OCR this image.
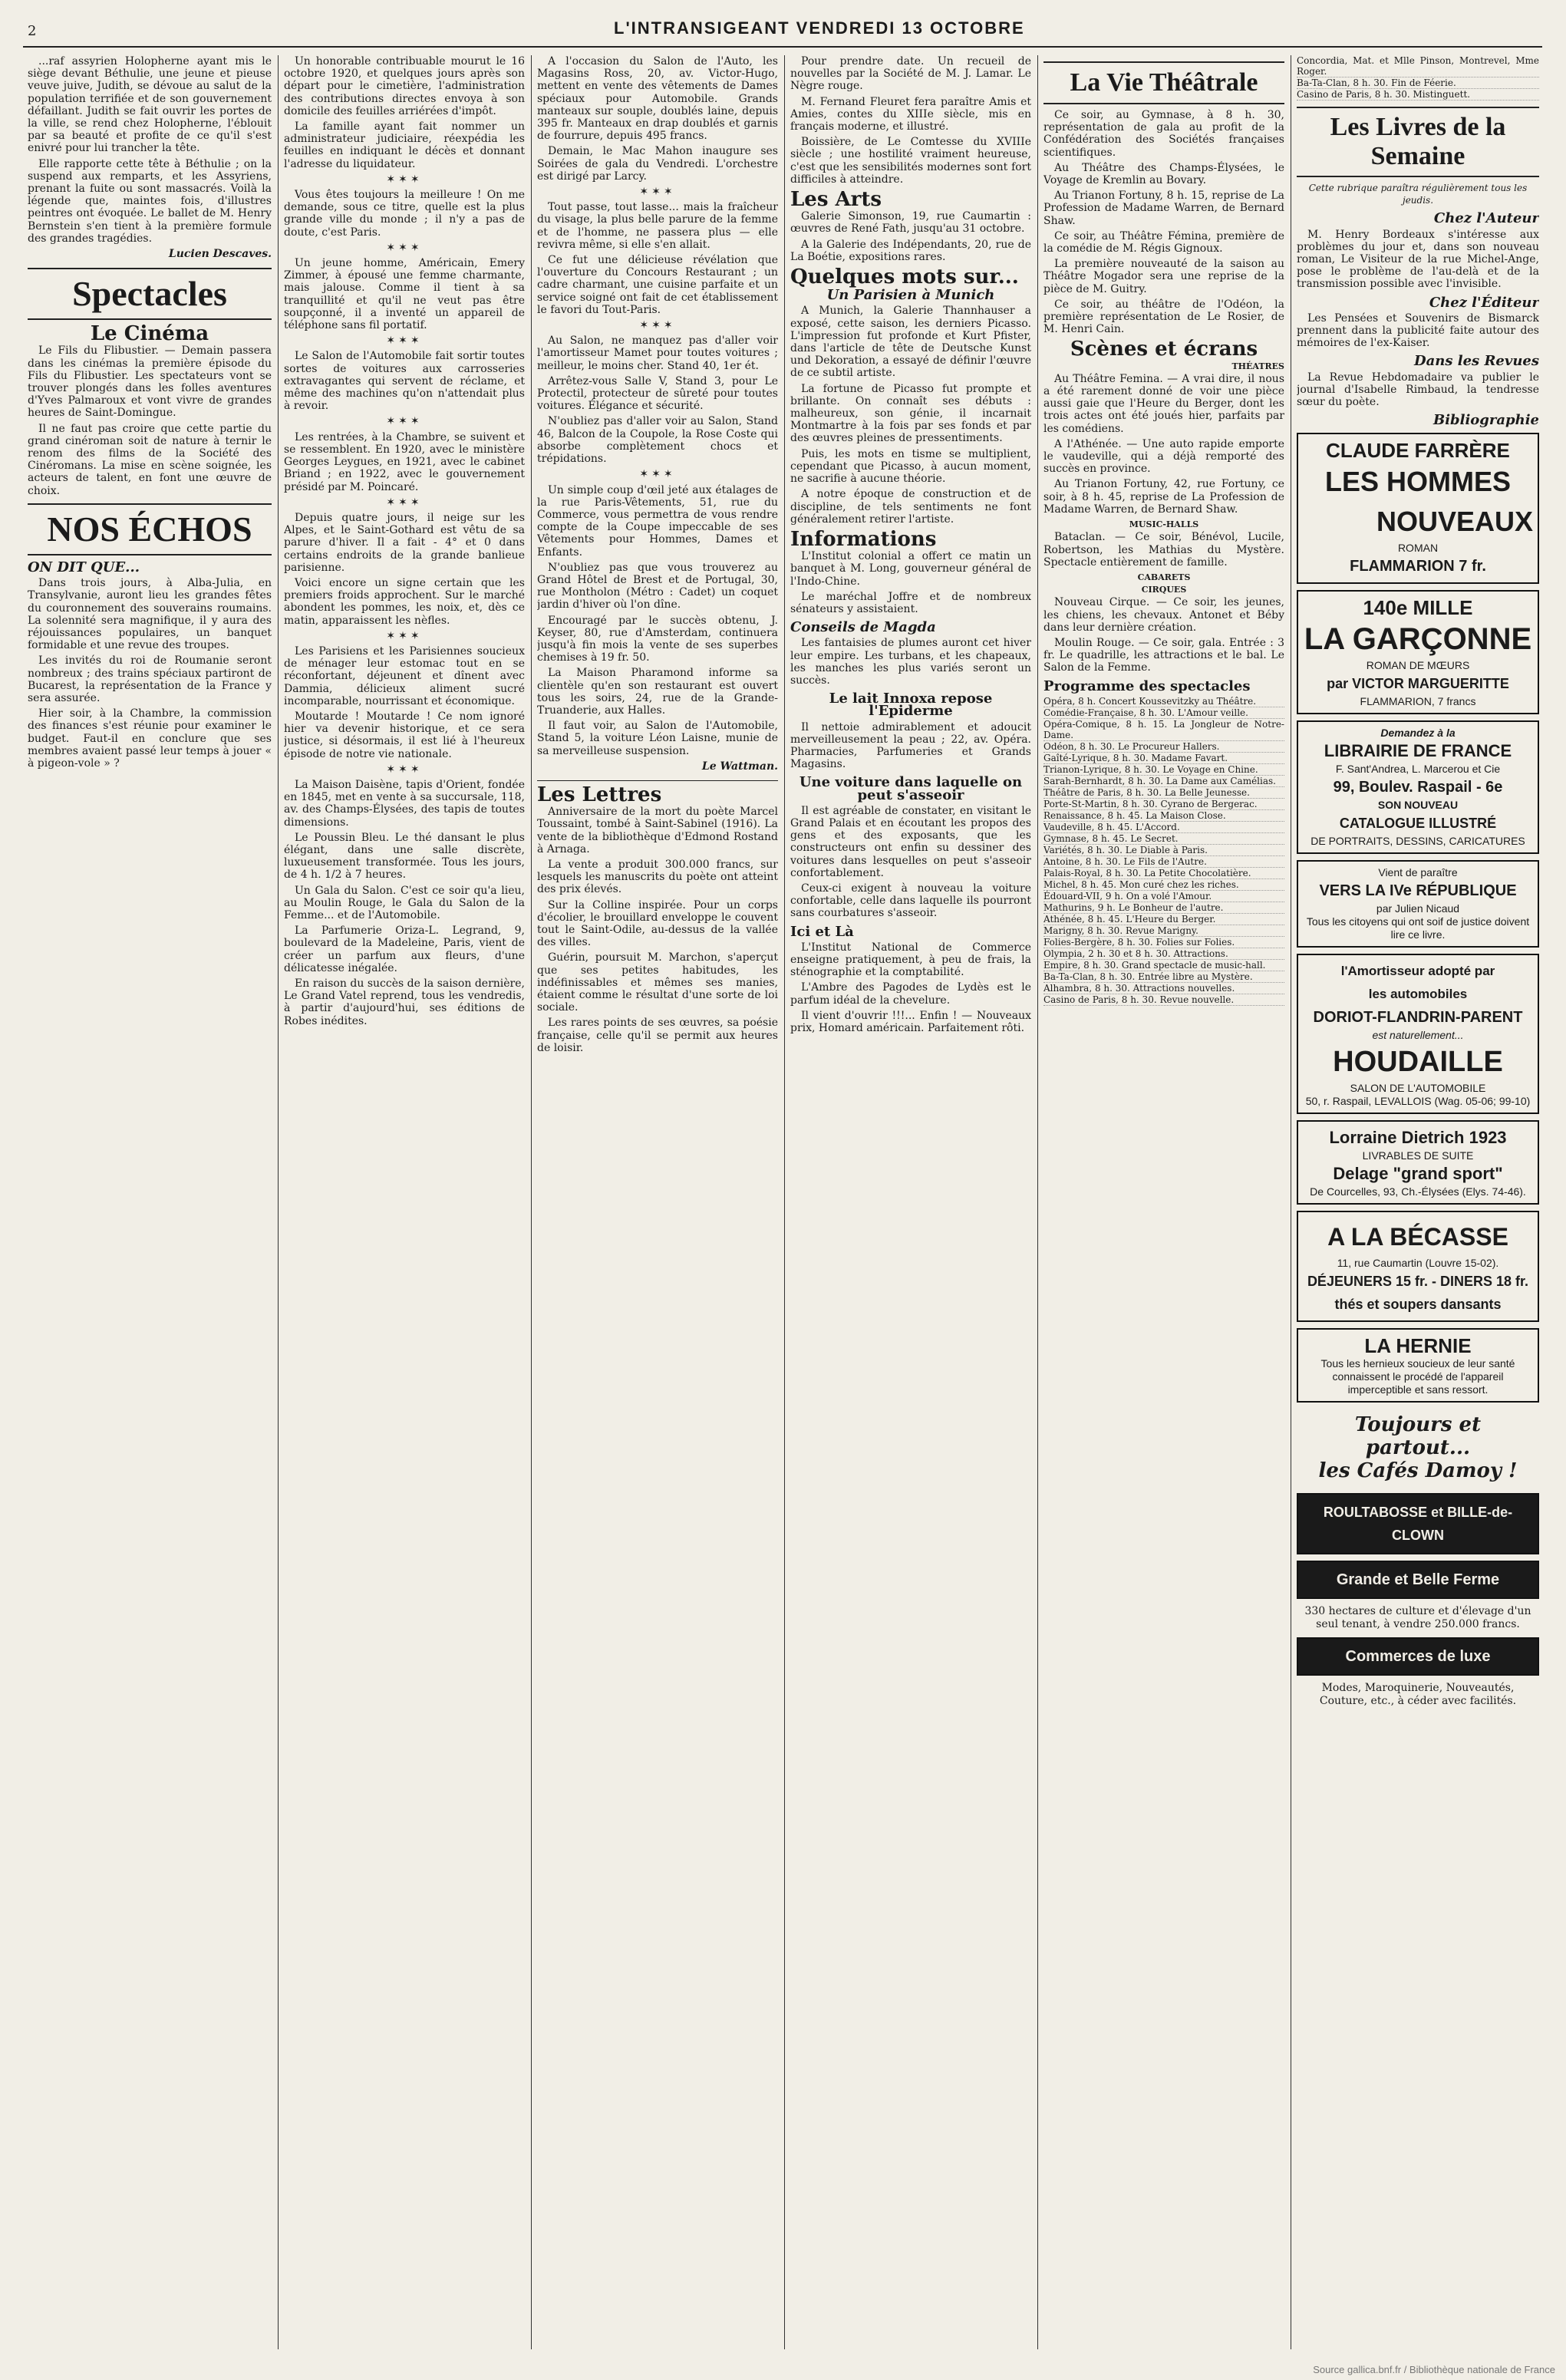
2	L'INTRANSIGEANT VENDREDI 13 OCTOBRE

...raf assyrien Holopherne ayant mis le siège devant Béthulie, une jeune et pieuse veuve juive, Judith, se dévoue au salut de la population terrifiée et de son gouvernement défaillant. Judith se fait ouvrir les portes de la ville, se rend chez Holopherne, l'éblouit par sa beauté et profite de ce qu'il s'est enivré pour lui trancher la tête.

Elle rapporte cette tête à Béthulie ; on la suspend aux remparts, et les Assyriens, prenant la fuite ou sont massacrés. Voilà la légende que, maintes fois, d'illustres peintres ont évoquée. Le ballet de M. Henry Bernstein s'en tient à la première formule des grandes tragédies.

Lucien Descaves.
Spectacles
Le Cinéma

Le Fils du Flibustier. — Demain passera dans les cinémas la première épisode du Fils du Flibustier. Les spectateurs vont se trouver plongés dans les folles aventures d'Yves Palmaroux et vont vivre de grandes heures de Saint-Domingue.

Il ne faut pas croire que cette partie du grand cinéroman soit de nature à ternir le renom des films de la Société des Cinéromans. La mise en scène soignée, les acteurs de talent, en font une œuvre de choix.

NOS ÉCHOS
ON DIT QUE...

Dans trois jours, à Alba-Julia, en Transylvanie, auront lieu les grandes fêtes du couronnement des souverains roumains. La solennité sera magnifique, il y aura des réjouissances populaires, un banquet formidable et une revue des troupes.

Les invités du roi de Roumanie seront nombreux ; des trains spéciaux partiront de Bucarest, la représentation de la France y sera assurée.

Hier soir, à la Chambre, la commission des finances s'est réunie pour examiner le budget. Faut-il en conclure que ses membres avaient passé leur temps à jouer « à pigeon-vole » ?

Un honorable contribuable mourut le 16 octobre 1920, et quelques jours après son départ pour le cimetière, l'administration des contributions directes envoya à son domicile des feuilles arriérées d'impôt.

La famille ayant fait nommer un administrateur judiciaire, réexpédia les feuilles en indiquant le décès et donnant l'adresse du liquidateur.

✶✶✶

Vous êtes toujours la meilleure ! On me demande, sous ce titre, quelle est la plus grande ville du monde ; il n'y a pas de doute, c'est Paris.

✶✶✶

Un jeune homme, Américain, Emery Zimmer, à épousé une femme charmante, mais jalouse. Comme il tient à sa tranquillité et qu'il ne veut pas être soupçonné, il a inventé un appareil de téléphone sans fil portatif.

✶✶✶

Le Salon de l'Automobile fait sortir toutes sortes de voitures aux carrosseries extravagantes qui servent de réclame, et même des machines qu'on n'attendait plus à revoir.

✶✶✶

Les rentrées, à la Chambre, se suivent et se ressemblent. En 1920, avec le ministère Georges Leygues, en 1921, avec le cabinet Briand ; en 1922, avec le gouvernement présidé par M. Poincaré.

✶✶✶

Depuis quatre jours, il neige sur les Alpes, et le Saint-Gothard est vêtu de sa parure d'hiver. Il a fait - 4° et 0 dans certains endroits de la grande banlieue parisienne.

Voici encore un signe certain que les premiers froids approchent. Sur le marché abondent les pommes, les noix, et, dès ce matin, apparaissent les nèfles.

✶✶✶

Les Parisiens et les Parisiennes soucieux de ménager leur estomac tout en se réconfortant, déjeunent et dînent avec Dammia, délicieux aliment sucré incomparable, nourrissant et économique.

Moutarde ! Moutarde ! Ce nom ignoré hier va devenir historique, et ce sera justice, si désormais, il est lié à l'heureux épisode de notre vie nationale.

✶✶✶

La Maison Daisène, tapis d'Orient, fondée en 1845, met en vente à sa succursale, 118, av. des Champs-Élysées, des tapis de toutes dimensions.

Le Poussin Bleu. Le thé dansant le plus élégant, dans une salle discrète, luxueusement transformée. Tous les jours, de 4 h. 1/2 à 7 heures.

Un Gala du Salon. C'est ce soir qu'a lieu, au Moulin Rouge, le Gala du Salon de la Femme... et de l'Automobile.

La Parfumerie Oriza-L. Legrand, 9, boulevard de la Madeleine, Paris, vient de créer un parfum aux fleurs, d'une délicatesse inégalée.

En raison du succès de la saison dernière, Le Grand Vatel reprend, tous les vendredis, à partir d'aujourd'hui, ses éditions de Robes inédites.

A l'occasion du Salon de l'Auto, les Magasins Ross, 20, av. Victor-Hugo, mettent en vente des vêtements de Dames spéciaux pour Automobile. Grands manteaux sur souple, doublés laine, depuis 395 fr. Manteaux en drap doublés et garnis de fourrure, depuis 495 francs.

Demain, le Mac Mahon inaugure ses Soirées de gala du Vendredi. L'orchestre est dirigé par Larcy.

✶✶✶

Tout passe, tout lasse... mais la fraîcheur du visage, la plus belle parure de la femme et de l'homme, ne passera plus — elle revivra même, si elle s'en allait.

Ce fut une délicieuse révélation que l'ouverture du Concours Restaurant ; un cadre charmant, une cuisine parfaite et un service soigné ont fait de cet établissement le favori du Tout-Paris.

✶✶✶

Au Salon, ne manquez pas d'aller voir l'amortisseur Mamet pour toutes voitures ; meilleur, le moins cher. Stand 40, 1er ét.

Arrêtez-vous Salle V, Stand 3, pour Le Protectil, protecteur de sûreté pour toutes voitures. Élégance et sécurité.

N'oubliez pas d'aller voir au Salon, Stand 46, Balcon de la Coupole, la Rose Coste qui absorbe complètement chocs et trépidations.

✶✶✶

Un simple coup d'œil jeté aux étalages de la rue Paris-Vêtements, 51, rue du Commerce, vous permettra de vous rendre compte de la Coupe impeccable de ses Vêtements pour Hommes, Dames et Enfants.

N'oubliez pas que vous trouverez au Grand Hôtel de Brest et de Portugal, 30, rue Montholon (Métro : Cadet) un coquet jardin d'hiver où l'on dîne.

Encouragé par le succès obtenu, J. Keyser, 80, rue d'Amsterdam, continuera jusqu'à fin mois la vente de ses superbes chemises à 19 fr. 50.

La Maison Pharamond informe sa clientèle qu'en son restaurant est ouvert tous les soirs, 24, rue de la Grande-Truanderie, aux Halles.

Il faut voir, au Salon de l'Automobile, Stand 5, la voiture Léon Laisne, munie de sa merveilleuse suspension.

Le Wattman.
Les Lettres

Anniversaire de la mort du poète Marcel Toussaint, tombé à Saint-Sabinel (1916). La vente de la bibliothèque d'Edmond Rostand à Arnaga.

La vente a produit 300.000 francs, sur lesquels les manuscrits du poète ont atteint des prix élevés.

Sur la Colline inspirée. Pour un corps d'écolier, le brouillard enveloppe le couvent tout le Saint-Odile, au-dessus de la vallée des villes.

Guérin, poursuit M. Marchon, s'aperçut que ses petites habitudes, les indéfinissables et mêmes ses manies, étaient comme le résultat d'une sorte de loi sociale.

Les rares points de ses œuvres, sa poésie française, celle qu'il se permit aux heures de loisir.

Pour prendre date. Un recueil de nouvelles par la Société de M. J. Lamar. Le Nègre rouge.

M. Fernand Fleuret fera paraître Amis et Amies, contes du XIIIe siècle, mis en français moderne, et illustré.

Boissière, de Le Comtesse du XVIIIe siècle ; une hostilité vraiment heureuse, c'est que les sensibilités modernes sont fort difficiles à atteindre.

Les Arts

Galerie Simonson, 19, rue Caumartin : œuvres de René Fath, jusqu'au 31 octobre.

A la Galerie des Indépendants, 20, rue de La Boétie, expositions rares.

Quelques mots sur...
Un Parisien à Munich

A Munich, la Galerie Thannhauser a exposé, cette saison, les derniers Picasso. L'impression fut profonde et Kurt Pfister, dans l'article de tête de Deutsche Kunst und Dekoration, a essayé de définir l'œuvre de ce subtil artiste.

La fortune de Picasso fut prompte et brillante. On connaît ses débuts : malheureux, son génie, il incarnait Montmartre à la fois par ses fonds et par des œuvres pleines de pressentiments.

Puis, les mots en tisme se multiplient, cependant que Picasso, à aucun moment, ne sacrifie à aucune théorie.

A notre époque de construction et de discipline, de tels sentiments ne font généralement retirer l'artiste.

Informations

L'Institut colonial a offert ce matin un banquet à M. Long, gouverneur général de l'Indo-Chine.

Le maréchal Joffre et de nombreux sénateurs y assistaient.

Conseils de Magda

Les fantaisies de plumes auront cet hiver leur empire. Les turbans, et les chapeaux, les manches les plus variés seront un succès.

Le lait Innoxa repose l'Epiderme

Il nettoie admirablement et adoucit merveilleusement la peau ; 22, av. Opéra. Pharmacies, Parfumeries et Grands Magasins.

Une voiture dans laquelle on peut s'asseoir

Il est agréable de constater, en visitant le Grand Palais et en écoutant les propos des gens et des exposants, que les constructeurs ont enfin su dessiner des voitures dans lesquelles on peut s'asseoir confortablement.

Ceux-ci exigent à nouveau la voiture confortable, celle dans laquelle ils pourront sans courbatures s'asseoir.

Ici et Là

L'Institut National de Commerce enseigne pratiquement, à peu de frais, la sténographie et la comptabilité.

L'Ambre des Pagodes de Lydès est le parfum idéal de la chevelure.

Il vient d'ouvrir !!!... Enfin ! — Nouveaux prix, Homard américain. Parfaitement rôti.

La Vie Théâtrale

Ce soir, au Gymnase, à 8 h. 30, représentation de gala au profit de la Confédération des Sociétés françaises scientifiques.

Au Théâtre des Champs-Élysées, le Voyage de Kremlin au Bovary.

Au Trianon Fortuny, 8 h. 15, reprise de La Profession de Madame Warren, de Bernard Shaw.

Ce soir, au Théâtre Fémina, première de la comédie de M. Régis Gignoux.

La première nouveauté de la saison au Théâtre Mogador sera une reprise de la pièce de M. Guitry.

Ce soir, au théâtre de l'Odéon, la première représentation de Le Rosier, de M. Henri Cain.

Scènes et écrans
THÉATRES

Au Théâtre Femina. — A vrai dire, il nous a été rarement donné de voir une pièce aussi gaie que l'Heure du Berger, dont les trois actes ont été joués hier, parfaits par les comédiens.

A l'Athénée. — Une auto rapide emporte le vaudeville, qui a déjà remporté des succès en province.

Au Trianon Fortuny, 42, rue Fortuny, ce soir, à 8 h. 45, reprise de La Profession de Madame Warren, de Bernard Shaw.

MUSIC-HALLS

Bataclan. — Ce soir, Bénévol, Lucile, Robertson, les Mathias du Mystère. Spectacle entièrement de famille.

CABARETS
CIRQUES

Nouveau Cirque. — Ce soir, les jeunes, les chiens, les chevaux. Antonet et Béby dans leur dernière création.

Moulin Rouge. — Ce soir, gala. Entrée : 3 fr. Le quadrille, les attractions et le bal. Le Salon de la Femme.

Programme des spectacles
Opéra, 8 h. Concert Koussevitzky au Théâtre.
Comédie-Française, 8 h. 30. L'Amour veille.
Opéra-Comique, 8 h. 15. La Jongleur de Notre-Dame.
Odéon, 8 h. 30. Le Procureur Hallers.
Gaîté-Lyrique, 8 h. 30. Madame Favart.
Trianon-Lyrique, 8 h. 30. Le Voyage en Chine.
Sarah-Bernhardt, 8 h. 30. La Dame aux Camélias.
Théâtre de Paris, 8 h. 30. La Belle Jeunesse.
Porte-St-Martin, 8 h. 30. Cyrano de Bergerac.
Renaissance, 8 h. 45. La Maison Close.
Vaudeville, 8 h. 45. L'Accord.
Gymnase, 8 h. 45. Le Secret.
Variétés, 8 h. 30. Le Diable à Paris.
Antoine, 8 h. 30. Le Fils de l'Autre.
Palais-Royal, 8 h. 30. La Petite Chocolatière.
Michel, 8 h. 45. Mon curé chez les riches.
Édouard-VII, 9 h. On a volé l'Amour.
Mathurins, 9 h. Le Bonheur de l'autre.
Athénée, 8 h. 45. L'Heure du Berger.
Marigny, 8 h. 30. Revue Marigny.
Folies-Bergère, 8 h. 30. Folies sur Folies.
Olympia, 2 h. 30 et 8 h. 30. Attractions.
Empire, 8 h. 30. Grand spectacle de music-hall.
Ba-Ta-Clan, 8 h. 30. Entrée libre au Mystère.
Alhambra, 8 h. 30. Attractions nouvelles.
Casino de Paris, 8 h. 30. Revue nouvelle.
Concordia, Mat. et Mlle Pinson, Montrevel, Mme Roger.
Ba-Ta-Clan, 8 h. 30. Fin de Féerie.
Casino de Paris, 8 h. 30. Mistinguett.
Les Livres de la Semaine
Cette rubrique paraîtra régulièrement tous les jeudis.
Chez l'Auteur

M. Henry Bordeaux s'intéresse aux problèmes du jour et, dans son nouveau roman, Le Visiteur de la rue Michel-Ange, pose le problème de l'au-delà et de la transmission possible avec l'invisible.

Chez l'Éditeur

Les Pensées et Souvenirs de Bismarck prennent dans la publicité faite autour des mémoires de l'ex-Kaiser.

Dans les Revues

La Revue Hebdomadaire va publier le journal d'Isabelle Rimbaud, la tendresse sœur du poète.

Bibliographie
CLAUDE FARRÈRE
LES HOMMES
NOUVEAUX
ROMAN
FLAMMARION 7 fr.
140e MILLE
LA GARÇONNE
ROMAN DE MŒURS
par VICTOR MARGUERITTE
FLAMMARION, 7 francs
Demandez à la
LIBRAIRIE DE FRANCE
F. Sant'Andrea, L. Marcerou et Cie
99, Boulev. Raspail - 6e
SON NOUVEAU
CATALOGUE ILLUSTRÉ
DE PORTRAITS, DESSINS, CARICATURES
Vient de paraître
VERS LA IVe RÉPUBLIQUE
par Julien Nicaud
Tous les citoyens qui ont soif de justice doivent lire ce livre.
l'Amortisseur adopté par
les automobiles
DORIOT-FLANDRIN-PARENT
est naturellement...
HOUDAILLE
SALON DE L'AUTOMOBILE
50, r. Raspail, LEVALLOIS (Wag. 05-06; 99-10)
Lorraine Dietrich 1923
LIVRABLES DE SUITE
Delage "grand sport"
De Courcelles, 93, Ch.-Élysées (Elys. 74-46).
A LA BÉCASSE
11, rue Caumartin (Louvre 15-02).
DÉJEUNERS 15 fr. - DINERS 18 fr.
thés et soupers dansants
LA HERNIE
Tous les hernieux soucieux de leur santé connaissent le procédé de l'appareil imperceptible et sans ressort.
Toujours et partout...
les Cafés Damoy !
ROULTABOSSE et BILLE-de-CLOWN
Grande et Belle Ferme
330 hectares de culture et d'élevage d'un seul tenant, à vendre 250.000 francs.
Commerces de luxe
Modes, Maroquinerie, Nouveautés, Couture, etc., à céder avec facilités.
Source gallica.bnf.fr / Bibliothèque nationale de France
